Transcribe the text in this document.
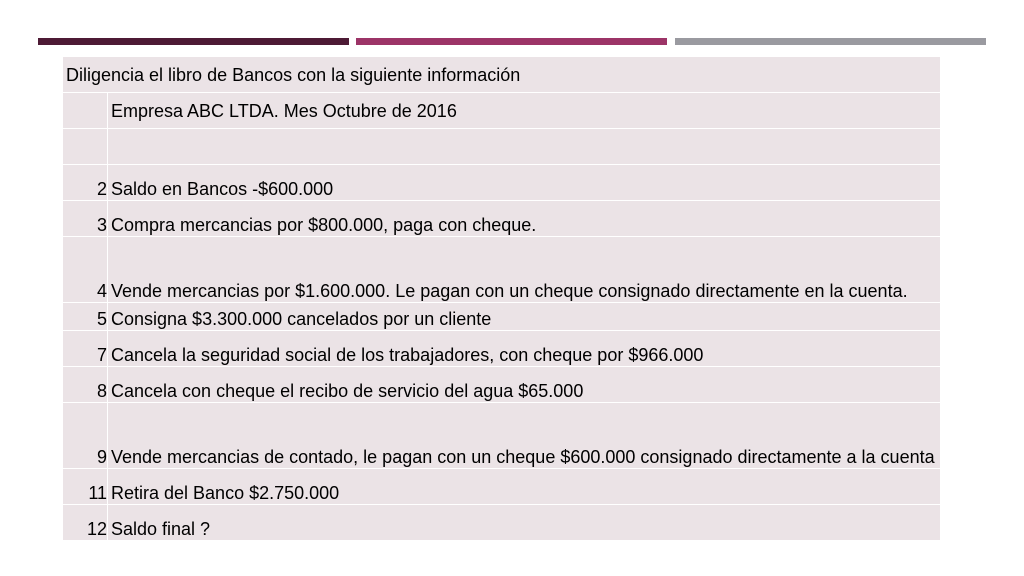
Diligencia el libro de Bancos con la siguiente información	
	Empresa ABC LTDA. Mes Octubre de 2016

2	Saldo en Bancos -$600.000
3	Compra mercancias por $800.000, paga con cheque.
4	Vende mercancias por $1.600.000. Le pagan con un cheque consignado directamente en la cuenta.
5	Consigna $3.300.000 cancelados por un cliente
7	Cancela la seguridad social de los trabajadores, con cheque por $966.000
8	Cancela con cheque el recibo de servicio del agua $65.000
9	Vende mercancias de contado, le pagan con un cheque $600.000 consignado directamente a la cuenta
11	Retira del Banco $2.750.000
12	Saldo final ?
